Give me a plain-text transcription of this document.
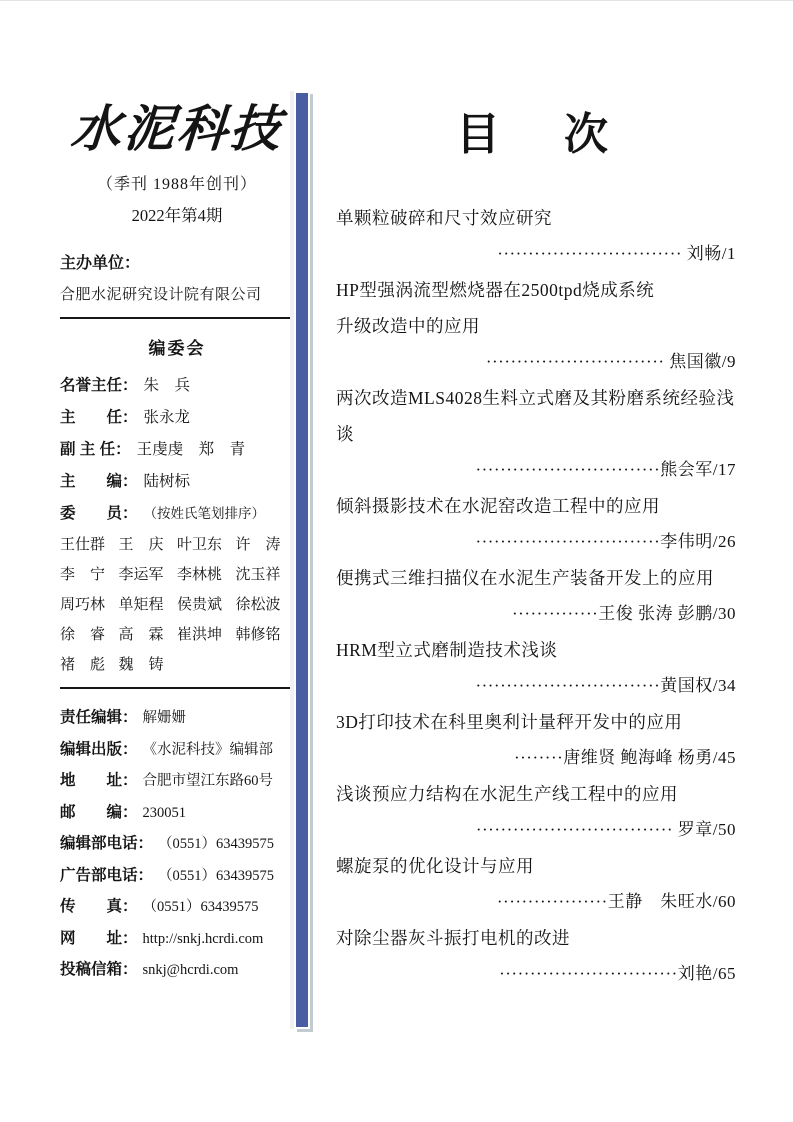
水泥科技
（季刊 1988年创刊）
2022年第4期
主办单位：
合肥水泥研究设计院有限公司
编委会
名誉主任： 朱　兵
主　　任： 张永龙
副 主 任： 王虔虔　郑　青
主　　编： 陆树标
委　　员： （按姓氏笔划排序）
王仕群 王　庆 叶卫东 许　涛
李　宁 李运军 李林桃 沈玉祥
周巧林 单矩程 侯贵斌 徐松波
徐　睿 高　霖 崔洪坤 韩修铭
褚　彪 魏　铸
责任编辑： 解姗姗
编辑出版： 《水泥科技》编辑部
地　　址： 合肥市望江东路60号
邮　　编： 230051
编辑部电话： （0551）63439575
广告部电话： （0551）63439575
传　　真： （0551）63439575
网　　址： http://snkj.hcrdi.com
投稿信箱： snkj@hcrdi.com
目　次
单颗粒破碎和尺寸效应研究
······························ 刘畅/1
HP型强涡流型燃烧器在2500tpd烧成系统
升级改造中的应用
····························· 焦国徽/9
两次改造MLS4028生料立式磨及其粉磨系统经验浅谈
······························熊会军/17
倾斜摄影技术在水泥窑改造工程中的应用
······························李伟明/26
便携式三维扫描仪在水泥生产装备开发上的应用
··············王俊 张涛 彭鹏/30
HRM型立式磨制造技术浅谈
······························黄国权/34
3D打印技术在科里奥利计量秤开发中的应用
········唐维贤 鲍海峰 杨勇/45
浅谈预应力结构在水泥生产线工程中的应用
································ 罗章/50
螺旋泵的优化设计与应用
··················王静　朱旺水/60
对除尘器灰斗振打电机的改进
·····························刘艳/65
